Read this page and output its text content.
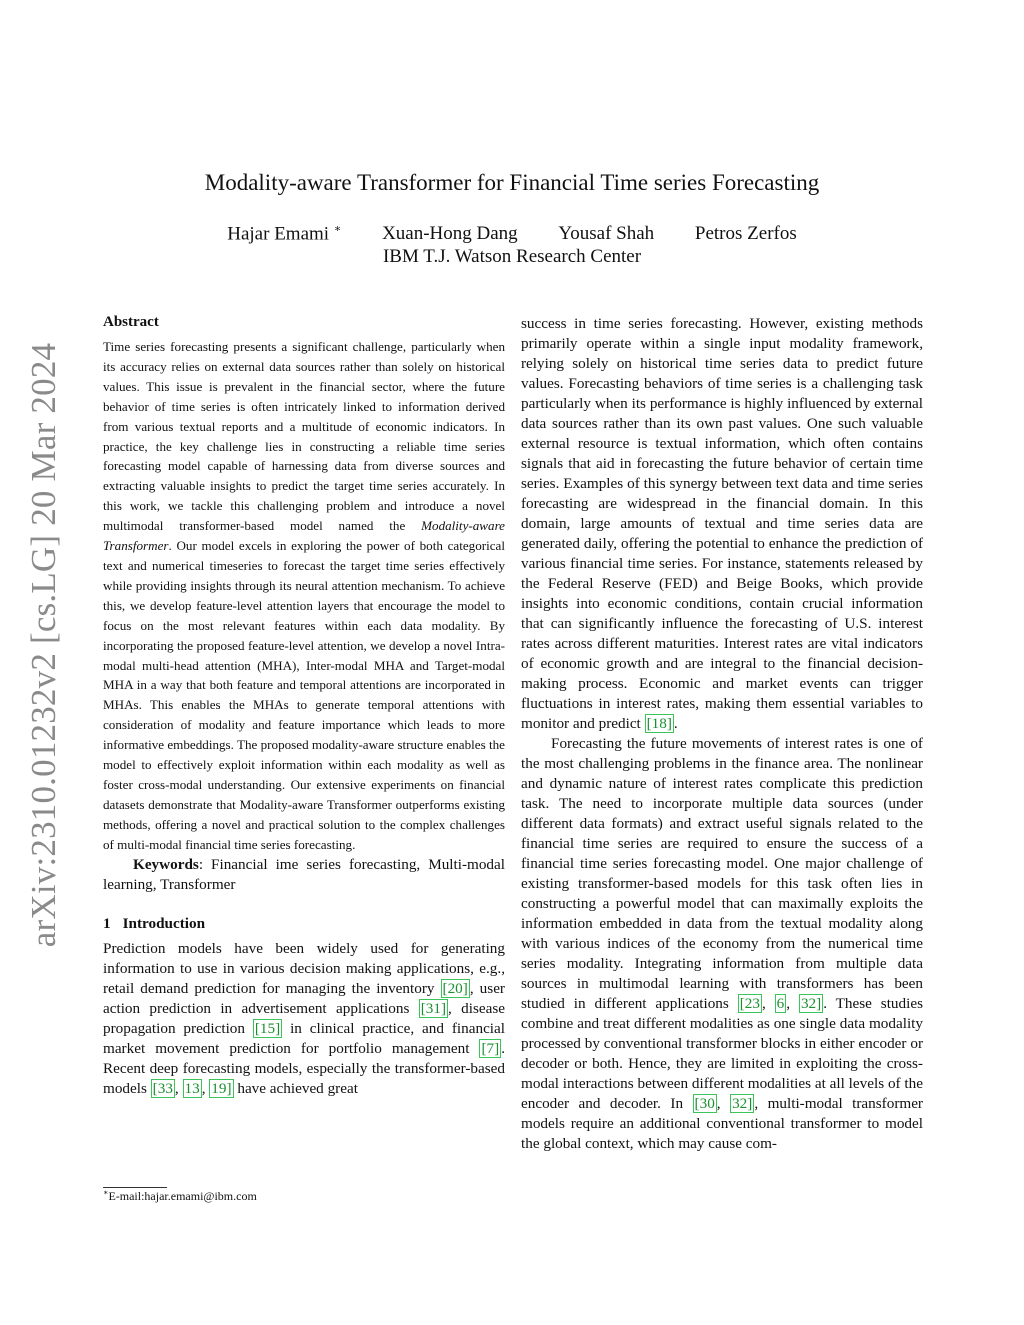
arXiv:2310.01232v2 [cs.LG] 20 Mar 2024
Modality-aware Transformer for Financial Time series Forecasting
Hajar Emami ∗ Xuan-Hong Dang Yousaf Shah Petros Zerfos
IBM T.J. Watson Research Center
Abstract

Time series forecasting presents a significant challenge, particularly when its accuracy relies on external data sources rather than solely on historical values. This issue is prevalent in the financial sector, where the future behavior of time series is often intricately linked to information derived from various textual reports and a multitude of economic indicators. In practice, the key challenge lies in constructing a reliable time series forecasting model capable of harnessing data from diverse sources and extracting valuable insights to predict the target time series accurately. In this work, we tackle this challenging problem and introduce a novel multimodal transformer-based model named the Modality-aware Transformer. Our model excels in exploring the power of both categorical text and numerical timeseries to forecast the target time series effectively while providing insights through its neural attention mechanism. To achieve this, we develop feature-level attention layers that encourage the model to focus on the most relevant features within each data modality. By incorporating the proposed feature-level attention, we develop a novel Intra-modal multi-head attention (MHA), Inter-modal MHA and Target-modal MHA in a way that both feature and temporal attentions are incorporated in MHAs. This enables the MHAs to generate temporal attentions with consideration of modality and feature importance which leads to more informative embeddings. The proposed modality-aware structure enables the model to effectively exploit information within each modality as well as foster cross-modal understanding. Our extensive experiments on financial datasets demonstrate that Modality-aware Transformer outperforms existing methods, offering a novel and practical solution to the complex challenges of multi-modal financial time series forecasting.

Keywords: Financial ime series forecasting, Multi-modal learning, Transformer

1 Introduction

Prediction models have been widely used for generating information to use in various decision making applications, e.g., retail demand prediction for managing the inventory [20] , user action prediction in advertisement applications [31] , disease propagation prediction [15] in clinical practice, and financial market movement prediction for portfolio management [7] . Recent deep forecasting models, especially the transformer-based models [33 , 13 , 19] have achieved great

success in time series forecasting. However, existing methods primarily operate within a single input modality framework, relying solely on historical time series data to predict future values. Forecasting behaviors of time series is a challenging task particularly when its performance is highly influenced by external data sources rather than its own past values. One such valuable external resource is textual information, which often contains signals that aid in forecasting the future behavior of certain time series. Examples of this synergy between text data and time series forecasting are widespread in the financial domain. In this domain, large amounts of textual and time series data are generated daily, offering the potential to enhance the prediction of various financial time series. For instance, statements released by the Federal Reserve (FED) and Beige Books, which provide insights into economic conditions, contain crucial information that can significantly influence the forecasting of U.S. interest rates across different maturities. Interest rates are vital indicators of economic growth and are integral to the financial decision-making process. Economic and market events can trigger fluctuations in interest rates, making them essential variables to monitor and predict [18] .

Forecasting the future movements of interest rates is one of the most challenging problems in the finance area. The nonlinear and dynamic nature of interest rates complicate this prediction task. The need to incorporate multiple data sources (under different data formats) and extract useful signals related to the financial time series are required to ensure the success of a financial time series forecasting model. One major challenge of existing transformer-based models for this task often lies in constructing a powerful model that can maximally exploits the information embedded in data from the textual modality along with various indices of the economy from the numerical time series modality. Integrating information from multiple data sources in multimodal learning with transformers has been studied in different applications [23 , 6 , 32] . These studies combine and treat different modalities as one single data modality processed by conventional transformer blocks in either encoder or decoder or both. Hence, they are limited in exploiting the cross-modal interactions between different modalities at all levels of the encoder and decoder. In [30 , 32] , multi-modal transformer models require an additional conventional transformer to model the global context, which may cause com-

∗E-mail:hajar.emami@ibm.com
